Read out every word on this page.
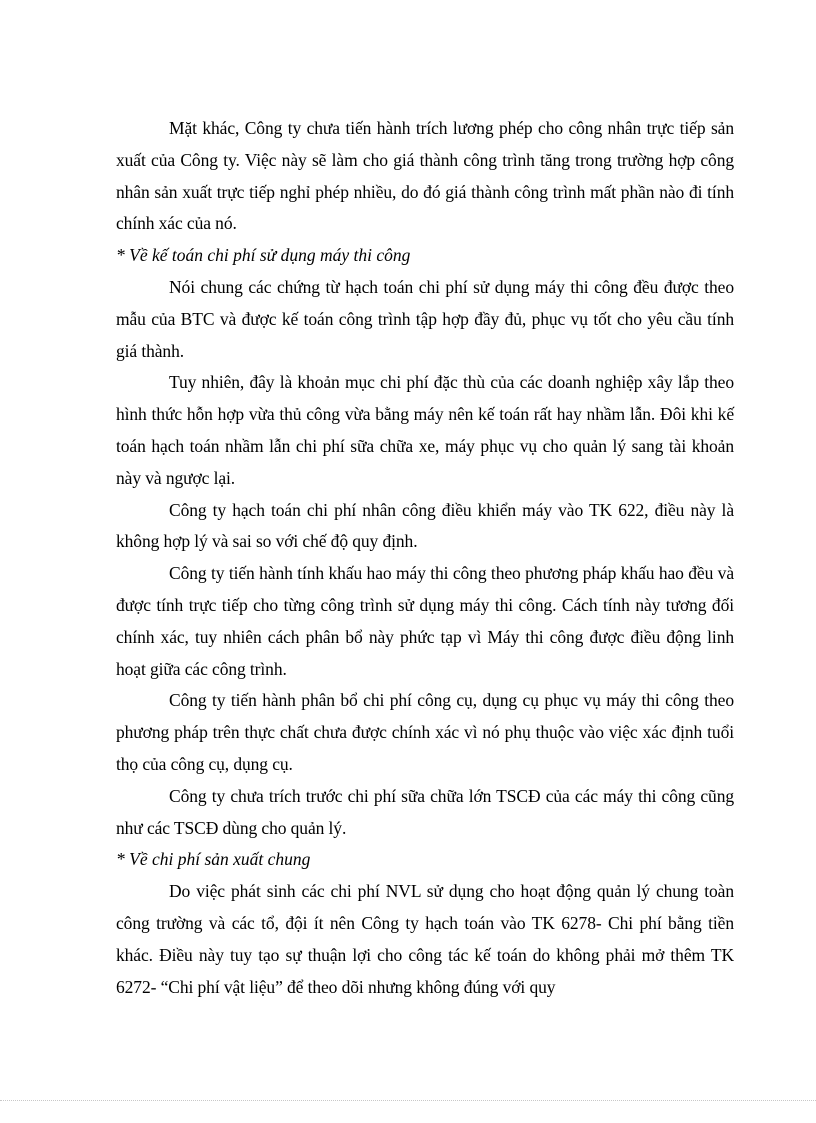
Mặt khác, Công ty chưa tiến hành trích lương phép cho công nhân trực tiếp sản xuất của Công ty. Việc này sẽ làm cho giá thành công trình tăng trong trường hợp công nhân sản xuất trực tiếp nghỉ phép nhiều, do đó giá thành công trình mất phần nào đi tính chính xác của nó.

* Về kế toán chi phí sử dụng máy thi công

Nói chung các chứng từ hạch toán chi phí sử dụng máy thi công đều được theo mẫu của BTC và được kế toán công trình tập hợp đầy đủ, phục vụ tốt cho yêu cầu tính giá thành.

Tuy nhiên, đây là khoản mục chi phí đặc thù của các doanh nghiệp xây lắp theo hình thức hỗn hợp vừa thủ công vừa bằng máy nên kế toán rất hay nhầm lẫn. Đôi khi kế toán hạch toán nhầm lẫn chi phí sữa chữa xe, máy phục vụ cho quản lý sang tài khoản này và ngược lại.

Công ty hạch toán chi phí nhân công điều khiển máy vào TK 622, điều này là không hợp lý và sai so với chế độ quy định.

Công ty tiến hành tính khấu hao máy thi công theo phương pháp khấu hao đều và được tính trực tiếp cho từng công trình sử dụng máy thi công. Cách tính này tương đối chính xác, tuy nhiên cách phân bổ này phức tạp vì Máy thi công được điều động linh hoạt giữa các công trình.

Công ty tiến hành phân bổ chi phí công cụ, dụng cụ phục vụ máy thi công theo phương pháp trên thực chất chưa được chính xác vì nó phụ thuộc vào việc xác định tuổi thọ của công cụ, dụng cụ.

Công ty chưa trích trước chi phí sữa chữa lớn TSCĐ của các máy thi công cũng như các TSCĐ dùng cho quản lý.

* Về chi phí sản xuất chung

Do việc phát sinh các chi phí NVL sử dụng cho hoạt động quản lý chung toàn công trường và các tổ, đội ít nên Công ty hạch toán vào TK 6278- Chi phí bằng tiền khác. Điều này tuy tạo sự thuận lợi cho công tác kế toán do không phải mở thêm TK 6272- “Chi phí vật liệu” để theo dõi nhưng không đúng với quy
